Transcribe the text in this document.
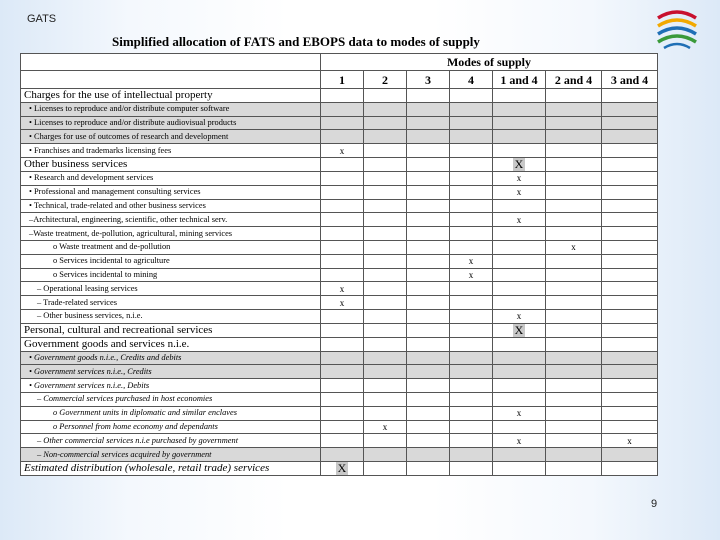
GATS
Simplified allocation of FATS and EBOPS data to modes of supply
	Modes of supply						
	1	2	3	4	1 and 4	2 and 4	3 and 4
Charges for the use of intellectual property							
• Licenses to reproduce and/or distribute computer software							
• Licenses to reproduce and/or distribute audiovisual products							
• Charges for use of outcomes of research and development							
• Franchises and trademarks licensing fees	x						
Other business services					X		
• Research and development services					x		
• Professional and management consulting services					x		
• Technical, trade-related and other business services							
–Architectural, engineering, scientific, other technical serv.					x		
–Waste treatment, de-pollution, agricultural, mining services							
o Waste treatment and de-pollution						x	
o Services incidental to agriculture				x			
o Services incidental to mining				x			
– Operational leasing services	x						
– Trade-related services	x						
– Other business services, n.i.e.					x		
Personal, cultural and recreational services					X		
Government goods and services n.i.e.							
• Government goods n.i.e., Credits and debits							
• Government services n.i.e., Credits							
• Government services n.i.e., Debits							
– Commercial services purchased in host economies							
o Government units in diplomatic and similar enclaves					x		
o Personnel from home economy and dependants		x					
– Other commercial services n.i.e purchased by government					x		x
– Non-commercial services acquired by government							
Estimated distribution (wholesale, retail trade) services	X						
9
